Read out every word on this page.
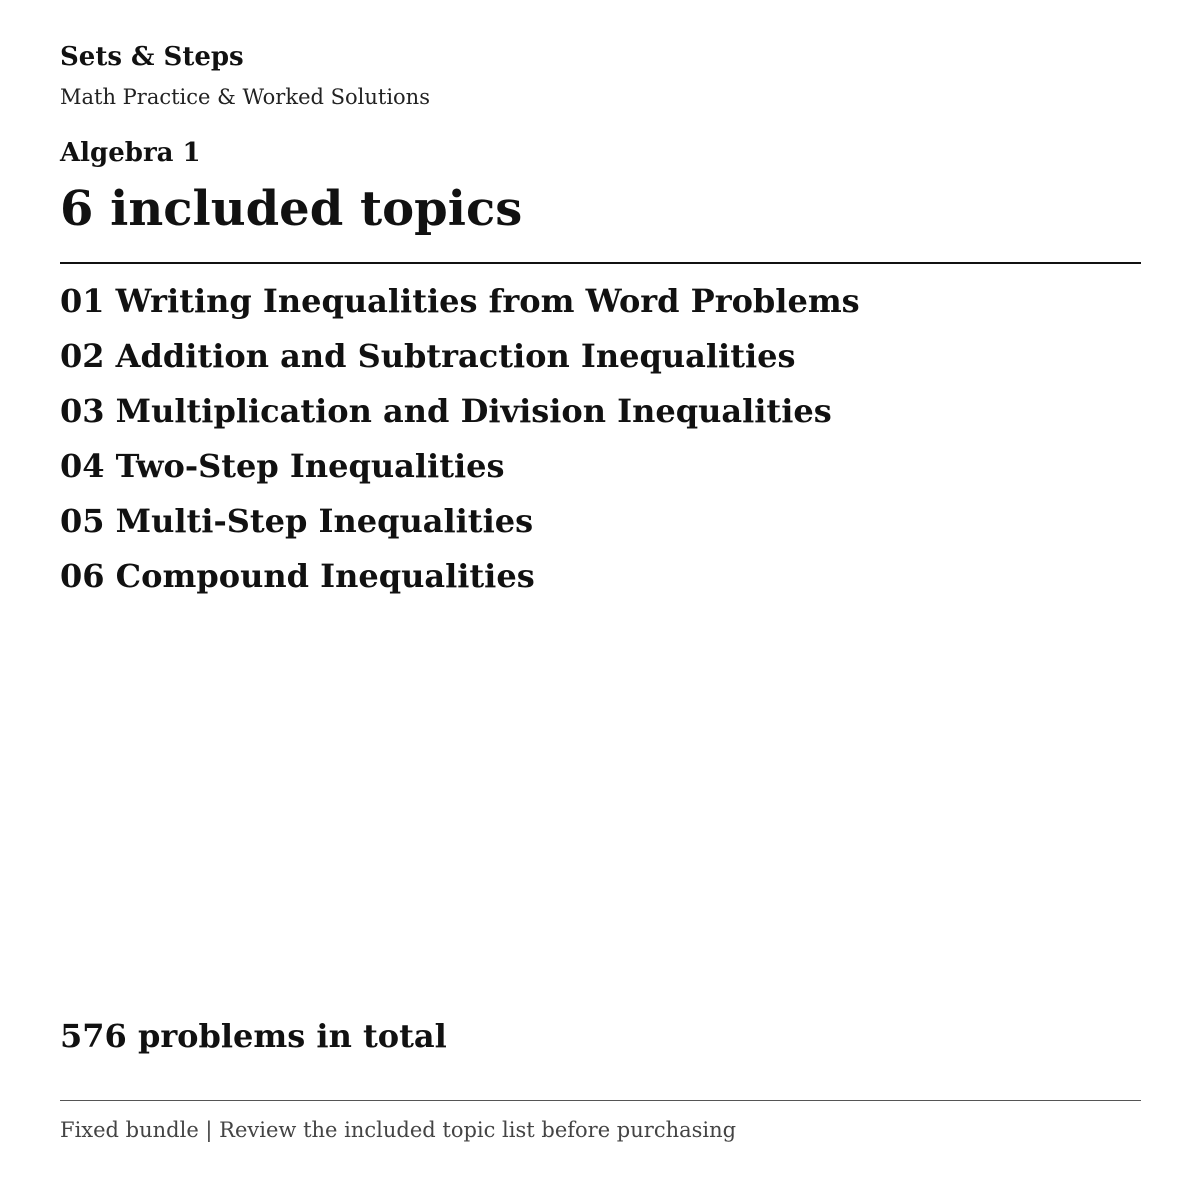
Sets & Steps
Math Practice & Worked Solutions
Algebra 1
6 included topics
01 Writing Inequalities from Word Problems
02 Addition and Subtraction Inequalities
03 Multiplication and Division Inequalities
04 Two-Step Inequalities
05 Multi-Step Inequalities
06 Compound Inequalities
576 problems in total
Fixed bundle | Review the included topic list before purchasing
